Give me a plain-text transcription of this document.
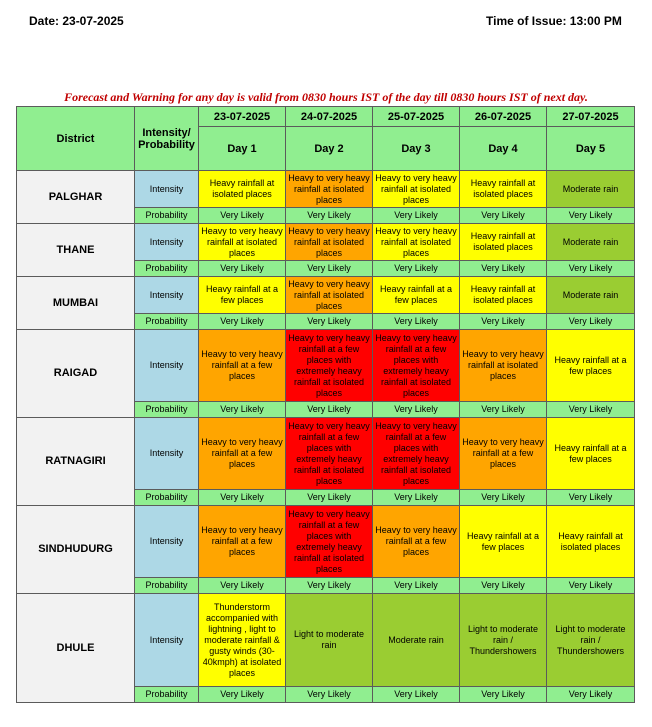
Date: 23-07-2025	Time of Issue: 13:00 PM
Forecast and Warning for any day is valid from 0830 hours IST of the day till 0830 hours IST of next day.
District	Intensity/ Probability	23-07-2025	24-07-2025	25-07-2025	26-07-2025	27-07-2025
		Day 1	Day 2	Day 3	Day 4	Day 5
PALGHAR	Intensity	Heavy rainfall at isolated places	Heavy to very heavy rainfall at isolated places	Heavy to very heavy rainfall at isolated places	Heavy rainfall at isolated places	Moderate rain
	Probability	Very Likely	Very Likely	Very Likely	Very Likely	Very Likely
THANE	Intensity	Heavy to very heavy rainfall at isolated places	Heavy to very heavy rainfall at isolated places	Heavy to very heavy rainfall at isolated places	Heavy rainfall at isolated places	Moderate rain
	Probability	Very Likely	Very Likely	Very Likely	Very Likely	Very Likely
MUMBAI	Intensity	Heavy rainfall at a few places	Heavy to very heavy rainfall at isolated places	Heavy rainfall at a few places	Heavy rainfall at isolated places	Moderate rain
	Probability	Very Likely	Very Likely	Very Likely	Very Likely	Very Likely
RAIGAD	Intensity	Heavy to very heavy rainfall at a few places	Heavy to very heavy rainfall at a few places with extremely heavy rainfall at isolated places	Heavy to very heavy rainfall at a few places with extremely heavy rainfall at isolated places	Heavy to very heavy rainfall at isolated places	Heavy rainfall at a few places
	Probability	Very Likely	Very Likely	Very Likely	Very Likely	Very Likely
RATNAGIRI	Intensity	Heavy to very heavy rainfall at a few places	Heavy to very heavy rainfall at a few places with extremely heavy rainfall at isolated places	Heavy to very heavy rainfall at a few places with extremely heavy rainfall at isolated places	Heavy to very heavy rainfall at a few places	Heavy rainfall at a few places
	Probability	Very Likely	Very Likely	Very Likely	Very Likely	Very Likely
SINDHUDURG	Intensity	Heavy to very heavy rainfall at a few places	Heavy to very heavy rainfall at a few places with extremely heavy rainfall at isolated places	Heavy to very heavy rainfall at a few places	Heavy rainfall at a few places	Heavy rainfall at isolated places
	Probability	Very Likely	Very Likely	Very Likely	Very Likely	Very Likely
DHULE	Intensity	Thunderstorm accompanied with lightning , light to moderate rainfall & gusty winds (30-40kmph) at isolated places	Light to moderate rain	Moderate rain	Light to moderate rain / Thundershowers	Light to moderate rain / Thundershowers
	Probability	Very Likely	Very Likely	Very Likely	Very Likely	Very Likely
